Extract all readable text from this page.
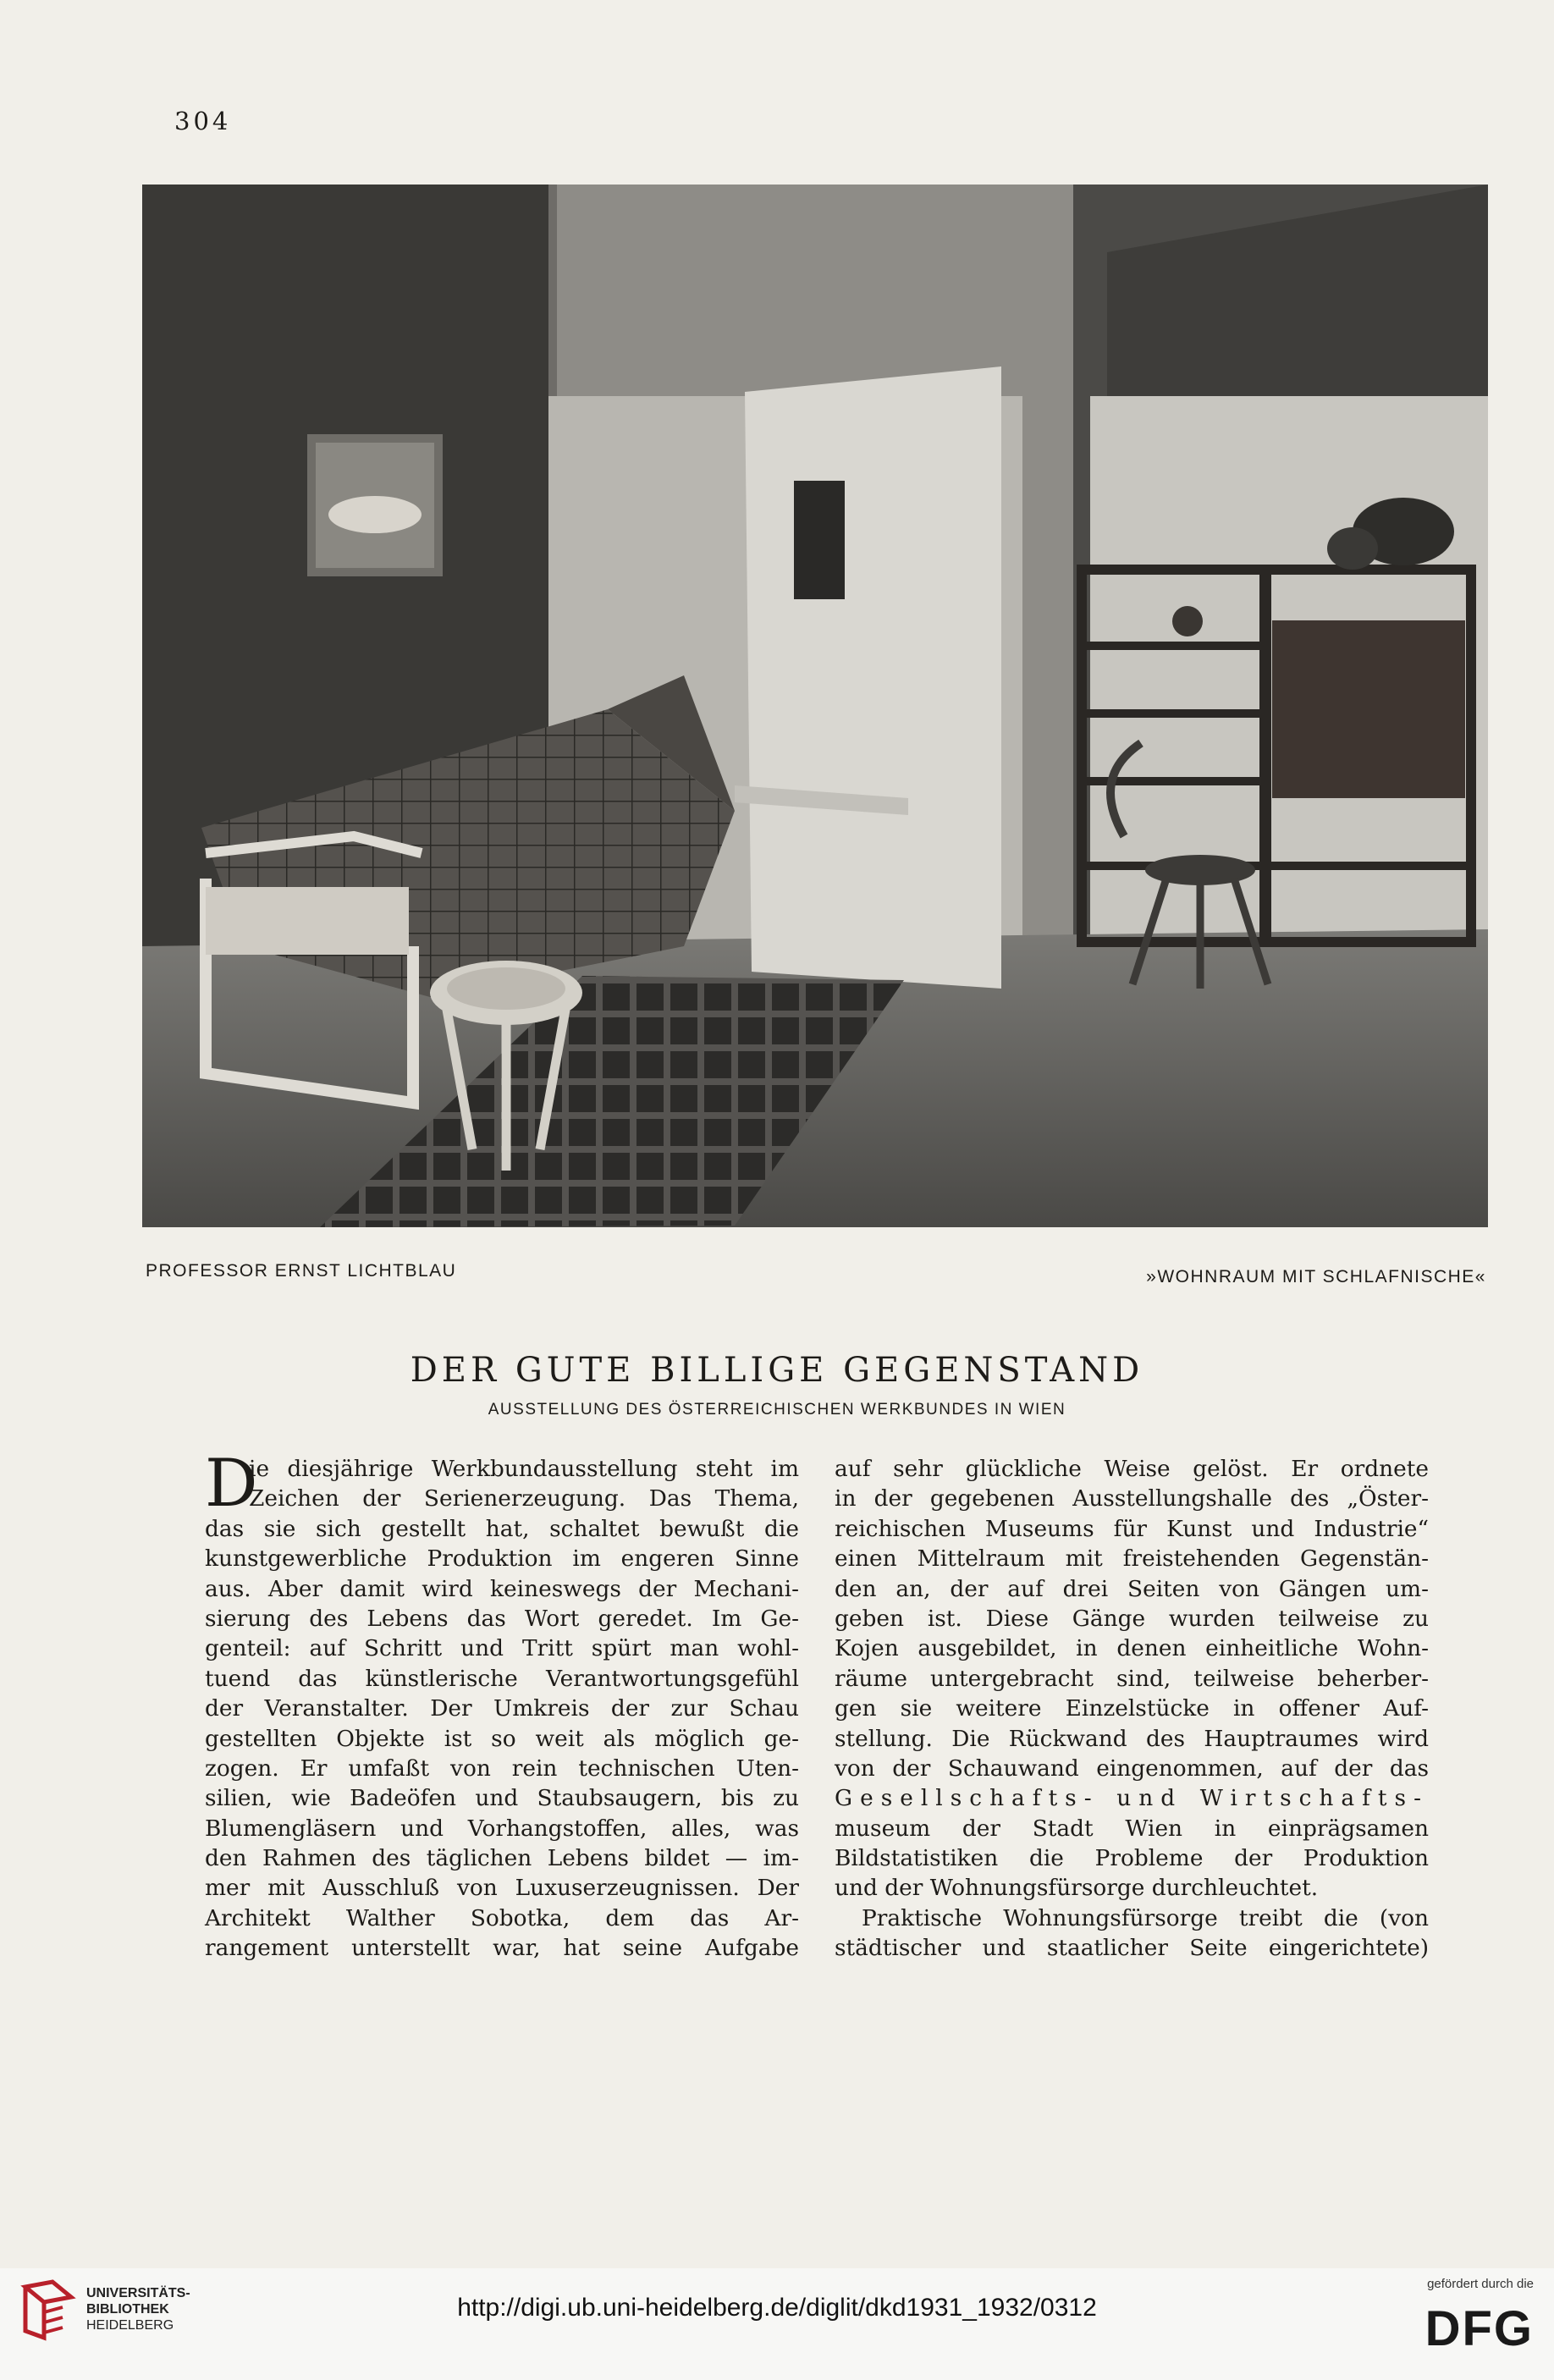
304
PROFESSOR ERNST LICHTBLAU	»WOHNRAUM MIT SCHLAFNISCHE«
DER GUTE BILLIGE GEGENSTAND
AUSSTELLUNG DES ÖSTERREICHISCHEN WERKBUNDES IN WIEN
D
ie diesjährige Werkbundausstellung steht im
Zeichen der Serienerzeugung. Das Thema,
das sie sich gestellt hat, schaltet bewußt die
kunstgewerbliche Produktion im engeren Sinne
aus. Aber damit wird keineswegs der Mechani-
sierung des Lebens das Wort geredet. Im Ge-
genteil: auf Schritt und Tritt spürt man wohl-
tuend das künstlerische Verantwortungsgefühl
der Veranstalter. Der Umkreis der zur Schau
gestellten Objekte ist so weit als möglich ge-
zogen. Er umfaßt von rein technischen Uten-
silien, wie Badeöfen und Staubsaugern, bis zu
Blumengläsern und Vorhangstoffen, alles, was
den Rahmen des täglichen Lebens bildet — im-
mer mit Ausschluß von Luxuserzeugnissen. Der
Architekt Walther Sobotka, dem das Ar-
rangement unterstellt war, hat seine Aufgabe
auf sehr glückliche Weise gelöst. Er ordnete
in der gegebenen Ausstellungshalle des „Öster-
reichischen Museums für Kunst und Industrie“
einen Mittelraum mit freistehenden Gegenstän-
den an, der auf drei Seiten von Gängen um-
geben ist. Diese Gänge wurden teilweise zu
Kojen ausgebildet, in denen einheitliche Wohn-
räume untergebracht sind, teilweise beherber-
gen sie weitere Einzelstücke in offener Auf-
stellung. Die Rückwand des Hauptraumes wird
von der Schauwand eingenommen, auf der das
Gesellschafts- und Wirtschafts-
museum der Stadt Wien in einprägsamen
Bildstatistiken die Probleme der Produktion
und der Wohnungsfürsorge durchleuchtet.
Praktische Wohnungsfürsorge treibt die (von
städtischer und staatlicher Seite eingerichtete)
UNIVERSITÄTS-
BIBLIOTHEK
HEIDELBERG
http://digi.ub.uni-heidelberg.de/diglit/dkd1931_1932/0312
gefördert durch die
DFG
